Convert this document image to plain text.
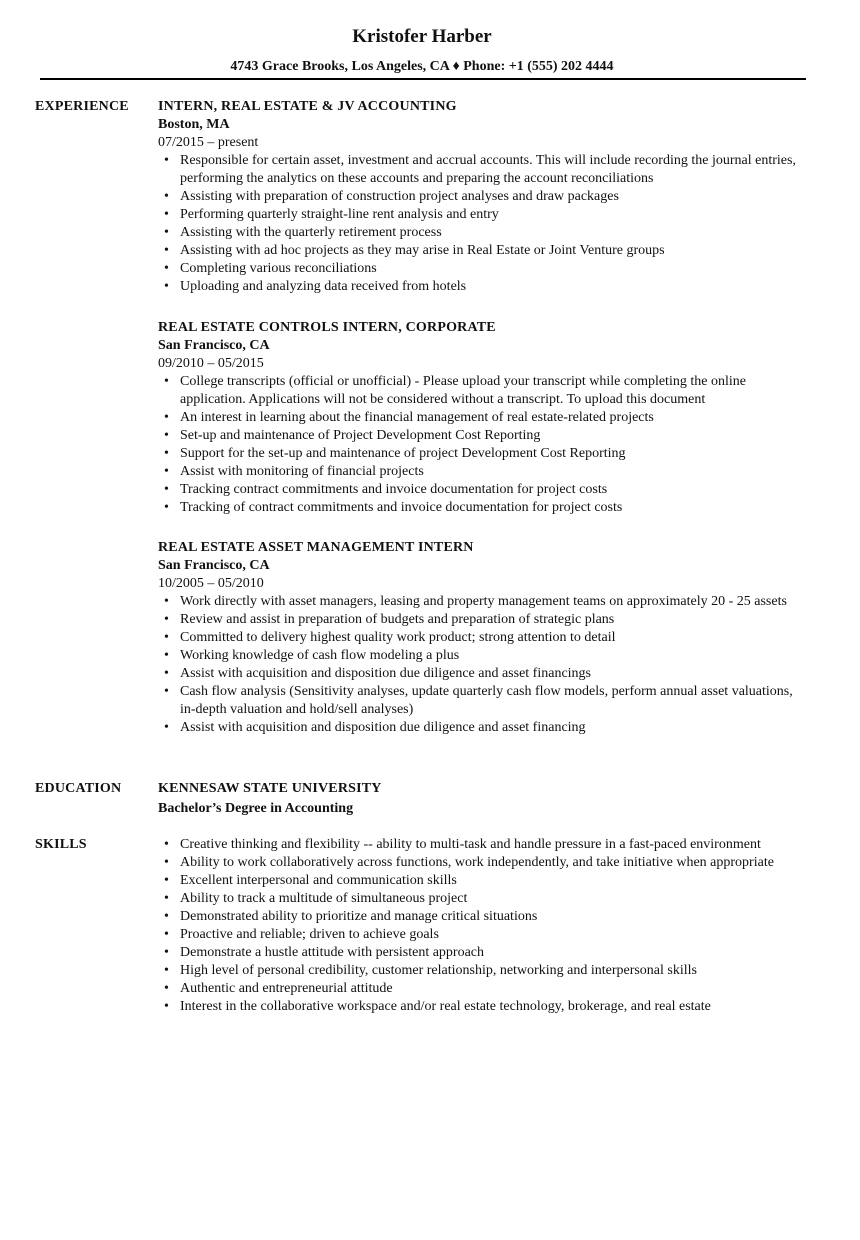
Kristofer Harber
4743 Grace Brooks, Los Angeles, CA ♦ Phone: +1 (555) 202 4444
EXPERIENCE INTERN, REAL ESTATE & JV ACCOUNTING
Boston, MA
07/2015 – present
• Responsible for certain asset, investment and accrual accounts. This will include recording the journal entries, performing the analytics on these accounts and preparing the account reconciliations
• Assisting with preparation of construction project analyses and draw packages
• Performing quarterly straight-line rent analysis and entry
• Assisting with the quarterly retirement process
• Assisting with ad hoc projects as they may arise in Real Estate or Joint Venture groups
• Completing various reconciliations
• Uploading and analyzing data received from hotels
REAL ESTATE CONTROLS INTERN, CORPORATE
San Francisco, CA
09/2010 – 05/2015
• College transcripts (official or unofficial) - Please upload your transcript while completing the online application. Applications will not be considered without a transcript. To upload this document
• An interest in learning about the financial management of real estate-related projects
• Set-up and maintenance of Project Development Cost Reporting
• Support for the set-up and maintenance of project Development Cost Reporting
• Assist with monitoring of financial projects
• Tracking contract commitments and invoice documentation for project costs
• Tracking of contract commitments and invoice documentation for project costs
REAL ESTATE ASSET MANAGEMENT INTERN
San Francisco, CA
10/2005 – 05/2010
• Work directly with asset managers, leasing and property management teams on approximately 20 - 25 assets
• Review and assist in preparation of budgets and preparation of strategic plans
• Committed to delivery highest quality work product; strong attention to detail
• Working knowledge of cash flow modeling a plus
• Assist with acquisition and disposition due diligence and asset financings
• Cash flow analysis (Sensitivity analyses, update quarterly cash flow models, perform annual asset valuations, in-depth valuation and hold/sell analyses)
• Assist with acquisition and disposition due diligence and asset financing
EDUCATION	KENNESAW STATE UNIVERSITY
Bachelor’s Degree in Accounting
SKILLS
•	Creative thinking and flexibility -- ability to multi-task and handle pressure in a fast-paced environment
• Ability to work collaboratively across functions, work independently, and take initiative when appropriate
• Excellent interpersonal and communication skills
• Ability to track a multitude of simultaneous project
• Demonstrated ability to prioritize and manage critical situations
• Proactive and reliable; driven to achieve goals
• Demonstrate a hustle attitude with persistent approach
• High level of personal credibility, customer relationship, networking and interpersonal skills
• Authentic and entrepreneurial attitude
• Interest in the collaborative workspace and/or real estate technology, brokerage, and real estate
